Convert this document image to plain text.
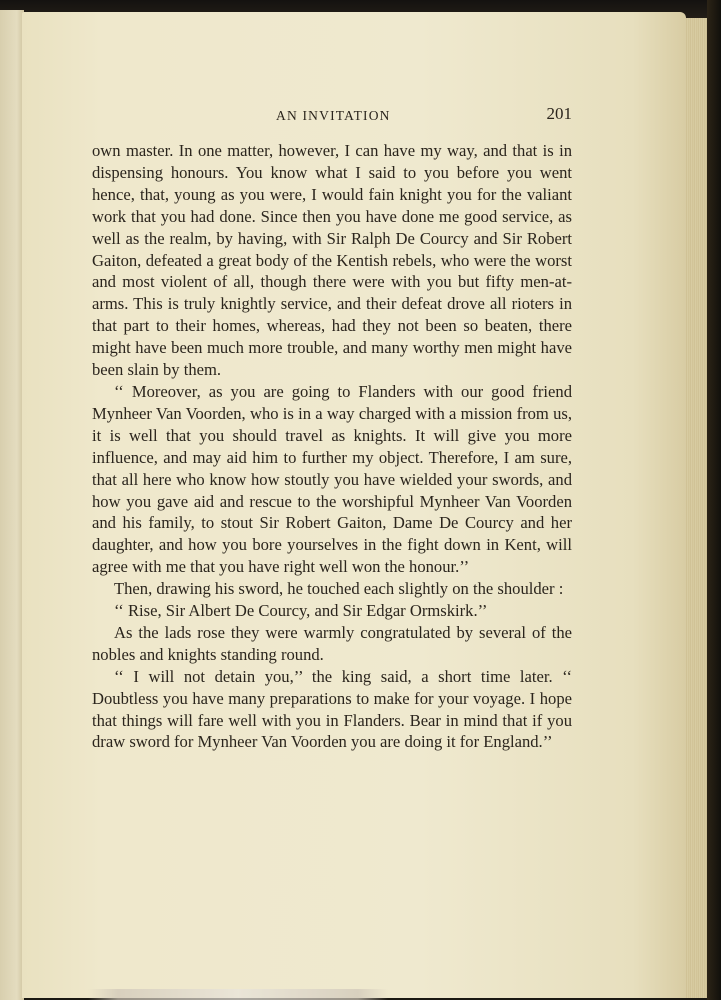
AN INVITATION	201

own master. In one matter, however, I can have my way, and that is in dispensing honours. You know what I said to you before you went hence, that, young as you were, I would fain knight you for the valiant work that you had done. Since then you have done me good service, as well as the realm, by having, with Sir Ralph De Courcy and Sir Robert Gaiton, defeated a great body of the Kentish rebels, who were the worst and most violent of all, though there were with you but fifty men-at-arms. This is truly knightly service, and their defeat drove all rioters in that part to their homes, whereas, had they not been so beaten, there might have been much more trouble, and many worthy men might have been slain by them.

‘‘ Moreover, as you are going to Flanders with our good friend Mynheer Van Voorden, who is in a way charged with a mission from us, it is well that you should travel as knights. It will give you more influence, and may aid him to further my object. Therefore, I am sure, that all here who know how stoutly you have wielded your swords, and how you gave aid and rescue to the worshipful Mynheer Van Voorden and his family, to stout Sir Robert Gaiton, Dame De Courcy and her daughter, and how you bore yourselves in the fight down in Kent, will agree with me that you have right well won the honour.’’

Then, drawing his sword, he touched each slightly on the shoulder :

‘‘ Rise, Sir Albert De Courcy, and Sir Edgar Ormskirk.’’

As the lads rose they were warmly congratulated by several of the nobles and knights standing round.

‘‘ I will not detain you,’’ the king said, a short time later. ‘‘ Doubtless you have many preparations to make for your voyage. I hope that things will fare well with you in Flanders. Bear in mind that if you draw sword for Mynheer Van Voorden you are doing it for England.’’
